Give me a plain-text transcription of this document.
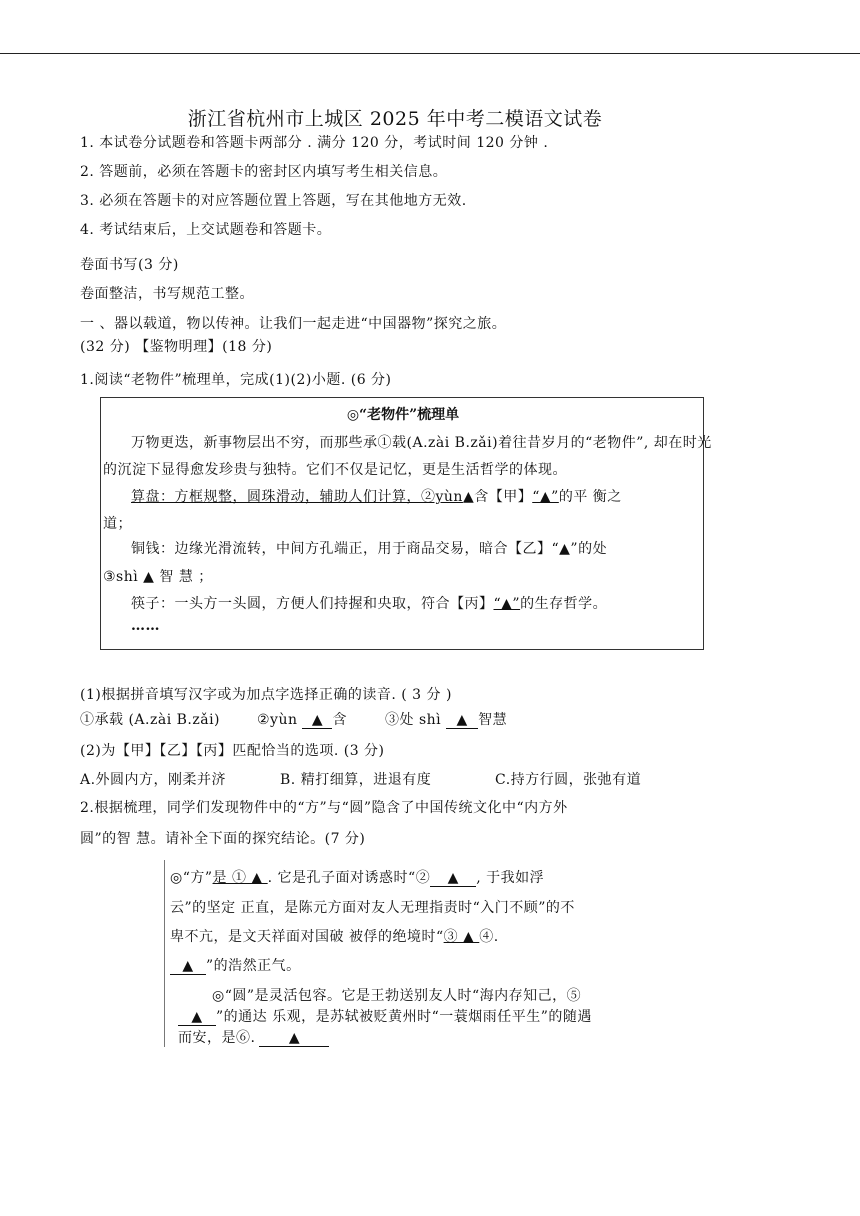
浙江省杭州市上城区 2025 年中考二模语文试卷
1. 本试卷分试题卷和答题卡两部分 . 满分 120 分，考试时间 120 分钟 .
2. 答题前，必须在答题卡的密封区内填写考生相关信息。
3. 必须在答题卡的对应答题位置上答题，写在其他地方无效.
4. 考试结束后，上交试题卷和答题卡。
卷面书写(3 分)
卷面整洁，书写规范工整。
一 、器以载道，物以传神。让我们一起走进“中国器物”探究之旅。
(32 分) 【鉴物明理】(18 分)
1.阅读“老物件”梳理单，完成(1)(2)小题. (6 分)
◎“老物件”梳理单
万物更迭，新事物层出不穷，而那些承①载(A.zài B.zǎi)着往昔岁月的“老物件”, 却在时光
的沉淀下显得愈发珍贵与独特。它们不仅是记忆，更是生活哲学的体现。
算盘：方框规整，圆珠滑动，辅助人们计算，②yùn▲含【甲】“▲”的平 衡之
道；
铜钱：边缘光滑流转，中间方孔端正，用于商品交易，暗合【乙】“▲”的处
③shì ▲ 智 慧 ；
筷子：一头方一头圆，方便人们持握和央取，符合【丙】“▲”的生存哲学。
……
(1)根据拼音填写汉字或为加点字选择正确的读音. ( 3 分 )
①承载 (A.zài B.zǎi)	②yùn ▲ 含	③处 shì ▲ 智慧
(2)为【甲】【乙】【丙】匹配恰当的选项. (3 分)
A.外圆内方，刚柔并济	B. 精打细算，进退有度	C.持方行圆，张弛有道
2.根据梳理，同学们发现物件中的“方”与“圆”隐含了中国传统文化中“内方外
圆”的智 慧。请补全下面的探究结论。(7 分)
◎“方”是 ① ▲ . 它是孔子面对诱惑时“② ▲ , 于我如浮
云”的坚定 正直，是陈元方面对友人无理指责时“入门不顾”的不
卑不亢，是文天祥面对国破 被俘的绝境时“③ ▲ ④.
▲ ”的浩然正气。
◎“圆”是灵活包容。它是王勃送别友人时“海内存知己，⑤
▲ ”的通达 乐观，是苏轼被贬黄州时“一蓑烟雨任平生”的随遇
而安，是⑥. ▲
